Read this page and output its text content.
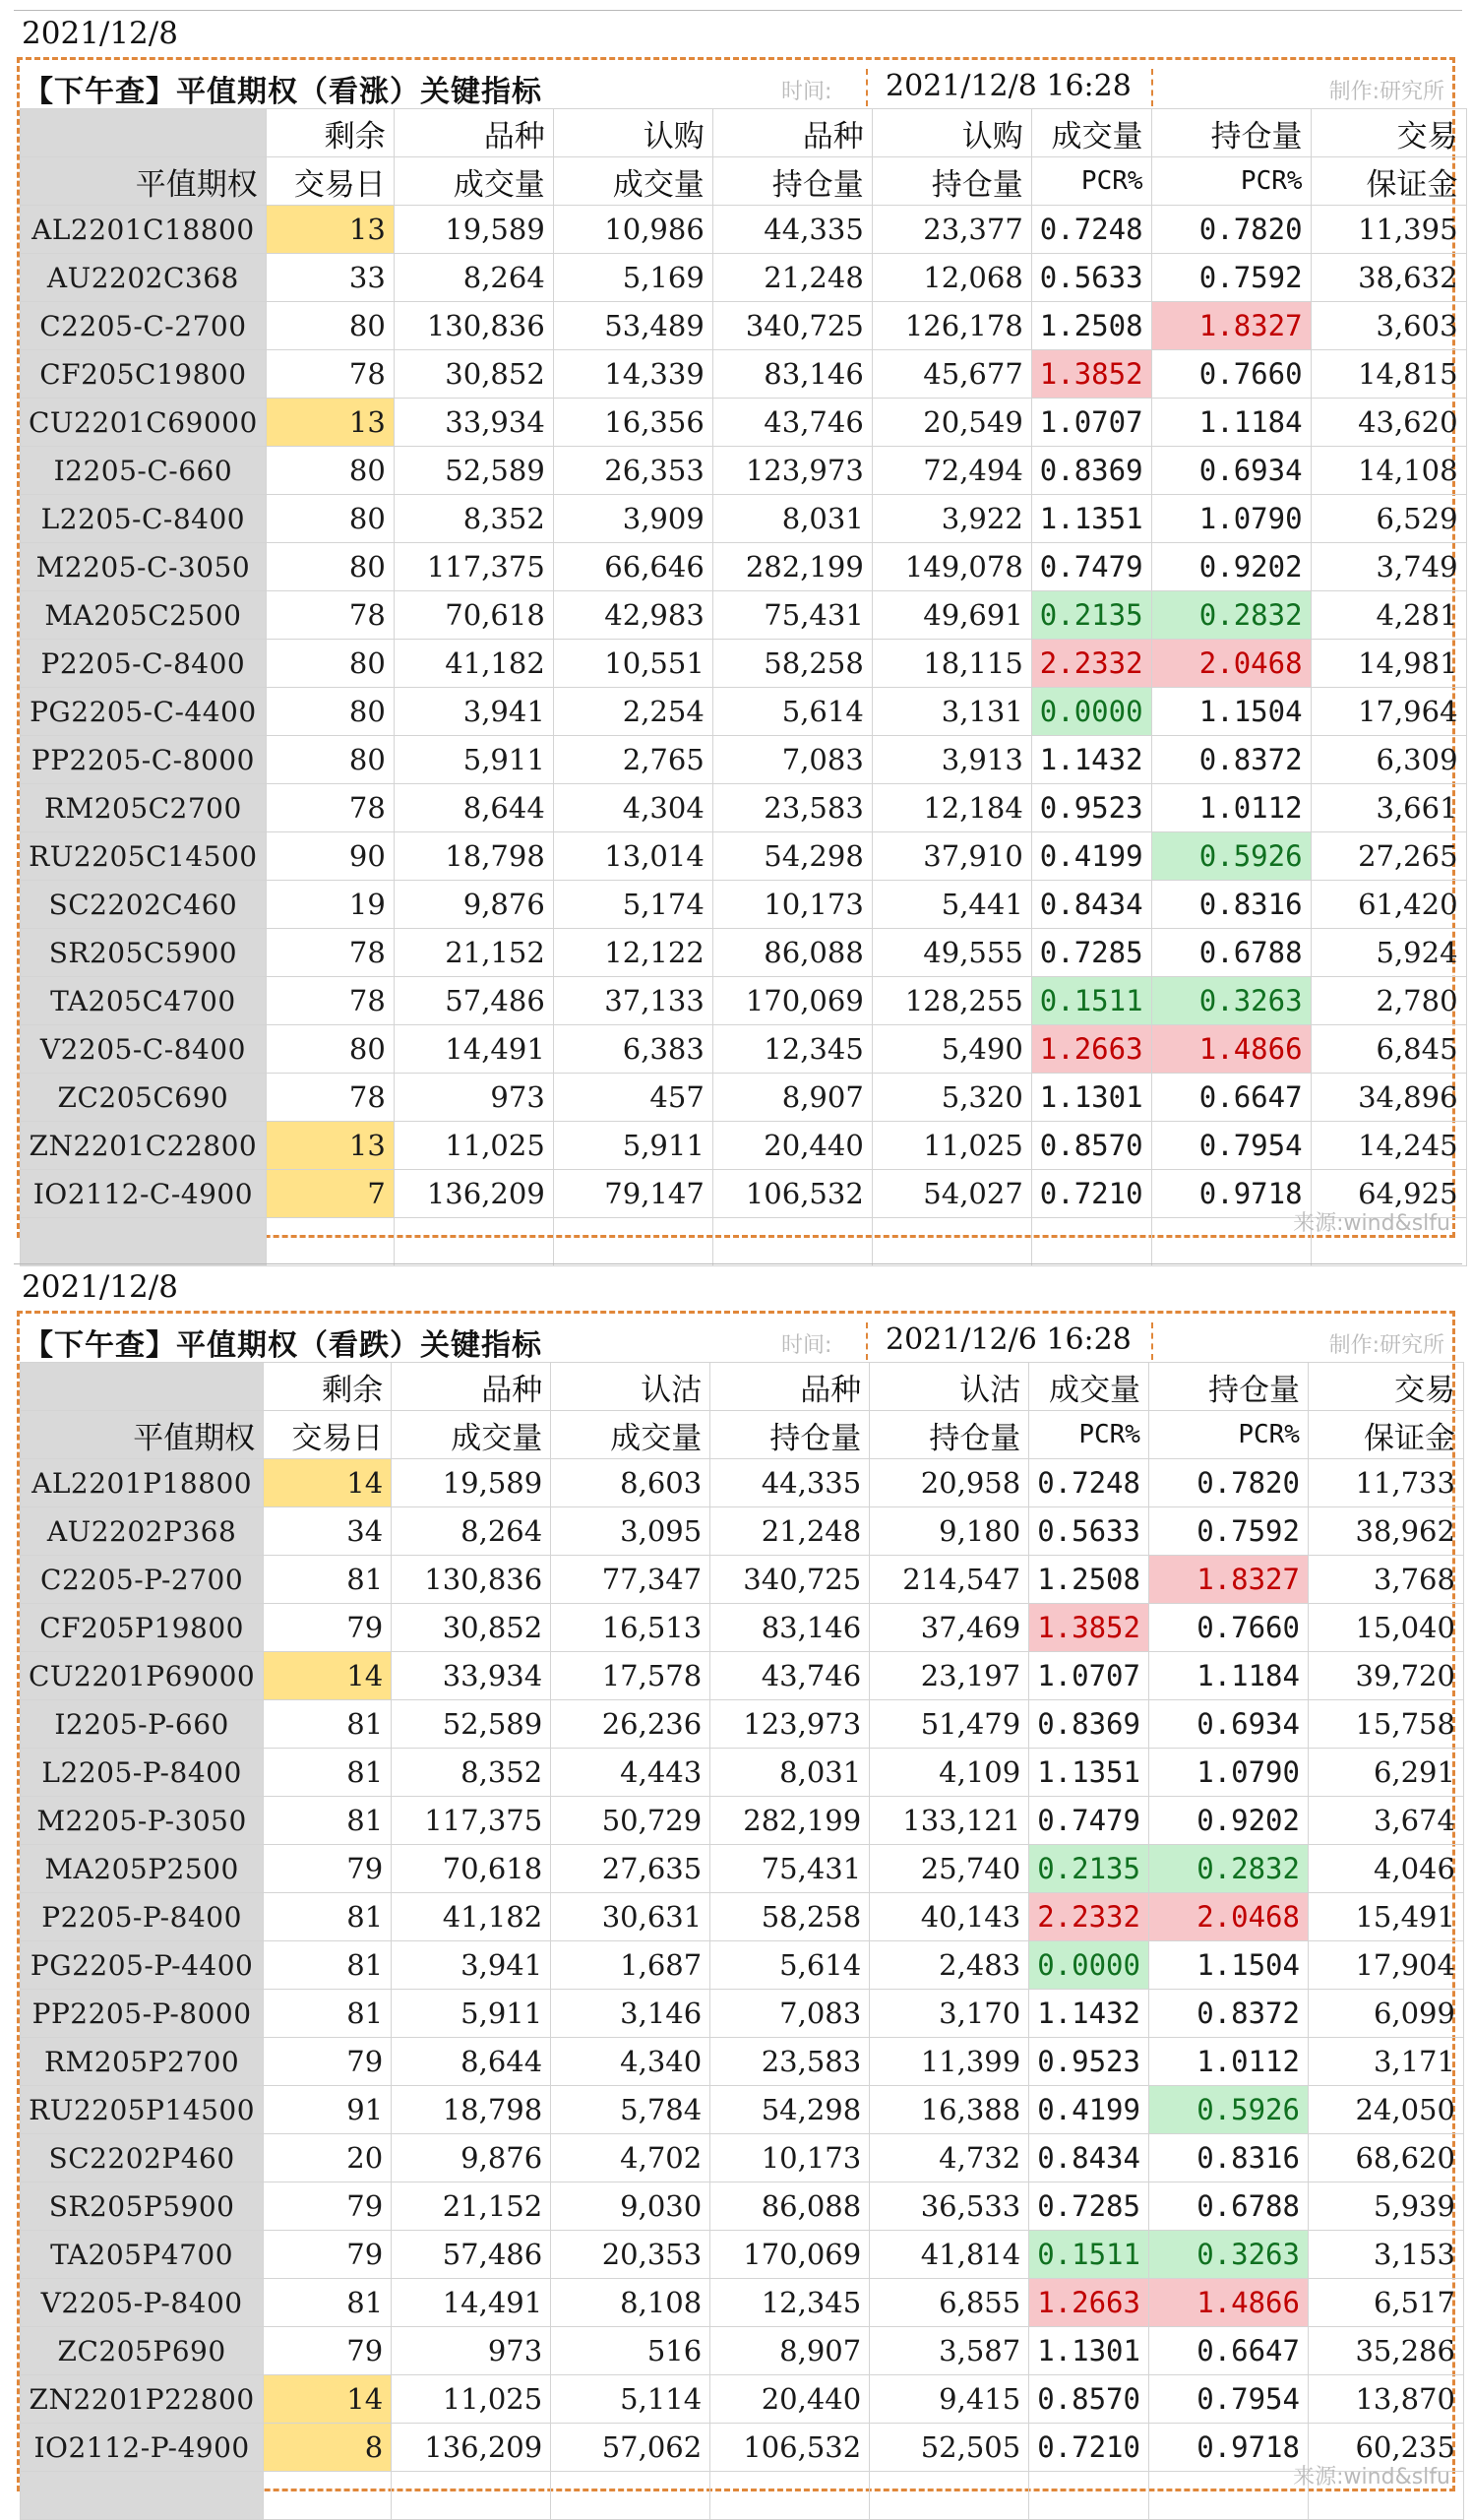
2021/12/8
【下午查】平值期权（看涨）关键指标	时间:	2021/12/8 16:28	制作:研究所
	剩余	品种	认购	品种	认购	成交量	持仓量	交易
平值期权	交易日	成交量	成交量	持仓量	持仓量	PCR%	PCR%	保证金
AL2201C18800	13	19,589	10,986	44,335	23,377	0.7248	0.7820	11,395
AU2202C368	33	8,264	5,169	21,248	12,068	0.5633	0.7592	38,632
C2205-C-2700	80	130,836	53,489	340,725	126,178	1.2508	1.8327	3,603
CF205C19800	78	30,852	14,339	83,146	45,677	1.3852	0.7660	14,815
CU2201C69000	13	33,934	16,356	43,746	20,549	1.0707	1.1184	43,620
I2205-C-660	80	52,589	26,353	123,973	72,494	0.8369	0.6934	14,108
L2205-C-8400	80	8,352	3,909	8,031	3,922	1.1351	1.0790	6,529
M2205-C-3050	80	117,375	66,646	282,199	149,078	0.7479	0.9202	3,749
MA205C2500	78	70,618	42,983	75,431	49,691	0.2135	0.2832	4,281
P2205-C-8400	80	41,182	10,551	58,258	18,115	2.2332	2.0468	14,981
PG2205-C-4400	80	3,941	2,254	5,614	3,131	0.0000	1.1504	17,964
PP2205-C-8000	80	5,911	2,765	7,083	3,913	1.1432	0.8372	6,309
RM205C2700	78	8,644	4,304	23,583	12,184	0.9523	1.0112	3,661
RU2205C14500	90	18,798	13,014	54,298	37,910	0.4199	0.5926	27,265
SC2202C460	19	9,876	5,174	10,173	5,441	0.8434	0.8316	61,420
SR205C5900	78	21,152	12,122	86,088	49,555	0.7285	0.6788	5,924
TA205C4700	78	57,486	37,133	170,069	128,255	0.1511	0.3263	2,780
V2205-C-8400	80	14,491	6,383	12,345	5,490	1.2663	1.4866	6,845
ZC205C690	78	973	457	8,907	5,320	1.1301	0.6647	34,896
ZN2201C22800	13	11,025	5,911	20,440	11,025	0.8570	0.7954	14,245
IO2112-C-4900	7	136,209	79,147	106,532	54,027	0.7210	0.9718	64,925

来源:wind&slfu
2021/12/8
【下午查】平值期权（看跌）关键指标	时间:	2021/12/6 16:28	制作:研究所
	剩余	品种	认沽	品种	认沽	成交量	持仓量	交易
平值期权	交易日	成交量	成交量	持仓量	持仓量	PCR%	PCR%	保证金
AL2201P18800	14	19,589	8,603	44,335	20,958	0.7248	0.7820	11,733
AU2202P368	34	8,264	3,095	21,248	9,180	0.5633	0.7592	38,962
C2205-P-2700	81	130,836	77,347	340,725	214,547	1.2508	1.8327	3,768
CF205P19800	79	30,852	16,513	83,146	37,469	1.3852	0.7660	15,040
CU2201P69000	14	33,934	17,578	43,746	23,197	1.0707	1.1184	39,720
I2205-P-660	81	52,589	26,236	123,973	51,479	0.8369	0.6934	15,758
L2205-P-8400	81	8,352	4,443	8,031	4,109	1.1351	1.0790	6,291
M2205-P-3050	81	117,375	50,729	282,199	133,121	0.7479	0.9202	3,674
MA205P2500	79	70,618	27,635	75,431	25,740	0.2135	0.2832	4,046
P2205-P-8400	81	41,182	30,631	58,258	40,143	2.2332	2.0468	15,491
PG2205-P-4400	81	3,941	1,687	5,614	2,483	0.0000	1.1504	17,904
PP2205-P-8000	81	5,911	3,146	7,083	3,170	1.1432	0.8372	6,099
RM205P2700	79	8,644	4,340	23,583	11,399	0.9523	1.0112	3,171
RU2205P14500	91	18,798	5,784	54,298	16,388	0.4199	0.5926	24,050
SC2202P460	20	9,876	4,702	10,173	4,732	0.8434	0.8316	68,620
SR205P5900	79	21,152	9,030	86,088	36,533	0.7285	0.6788	5,939
TA205P4700	79	57,486	20,353	170,069	41,814	0.1511	0.3263	3,153
V2205-P-8400	81	14,491	8,108	12,345	6,855	1.2663	1.4866	6,517
ZC205P690	79	973	516	8,907	3,587	1.1301	0.6647	35,286
ZN2201P22800	14	11,025	5,114	20,440	9,415	0.8570	0.7954	13,870
IO2112-P-4900	8	136,209	57,062	106,532	52,505	0.7210	0.9718	60,235

来源:wind&slfu
